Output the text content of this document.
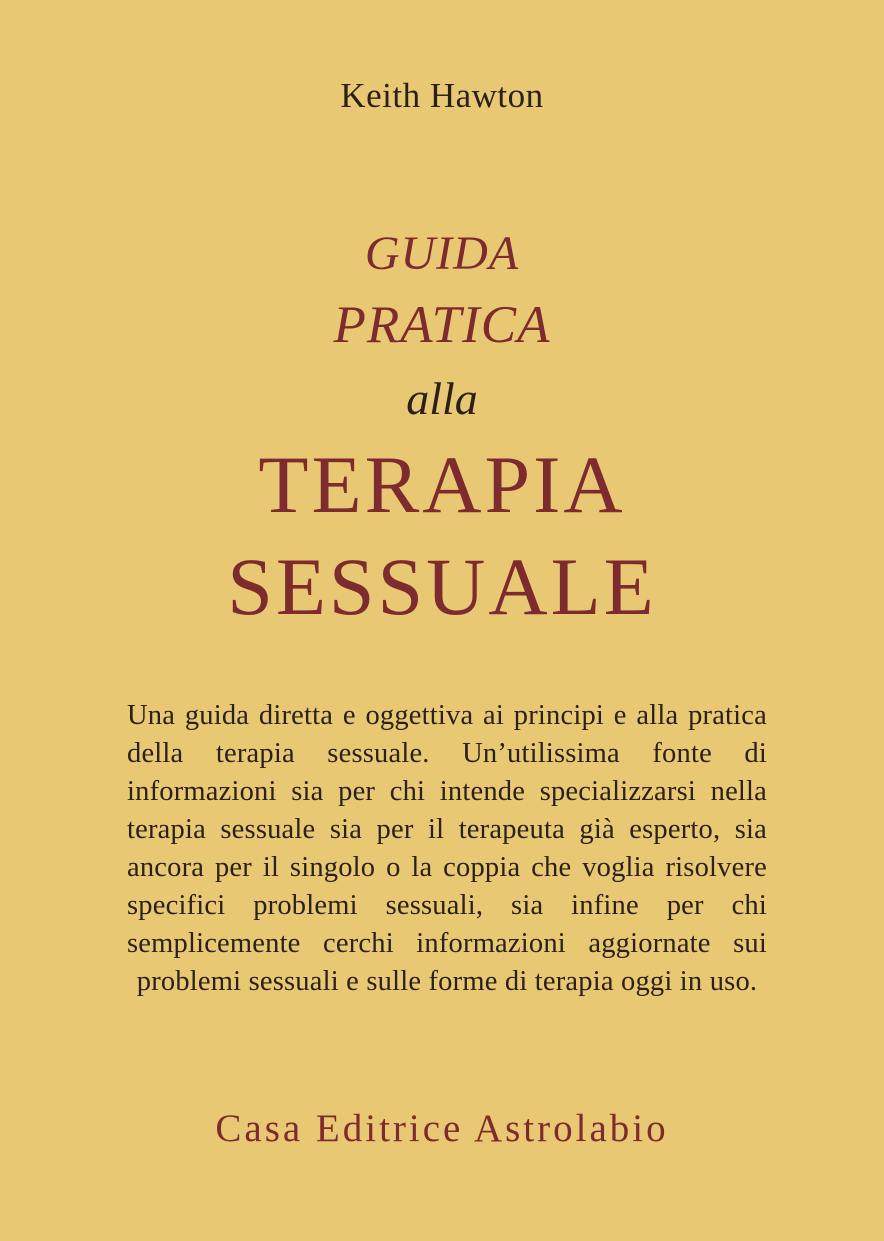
Keith Hawton
GUIDA
PRATICA
alla
TERAPIA
SESSUALE
Una guida diretta e oggettiva ai principi e alla pratica della terapia sessuale. Un’utilissima fonte di informazioni sia per chi intende specializzarsi nella terapia sessuale sia per il terapeuta già esperto, sia ancora per il singolo o la coppia che voglia risolvere specifici problemi sessuali, sia infine per chi semplicemente cerchi informazioni aggiornate sui problemi sessuali e sulle forme di terapia oggi in uso.
Casa Editrice Astrolabio
